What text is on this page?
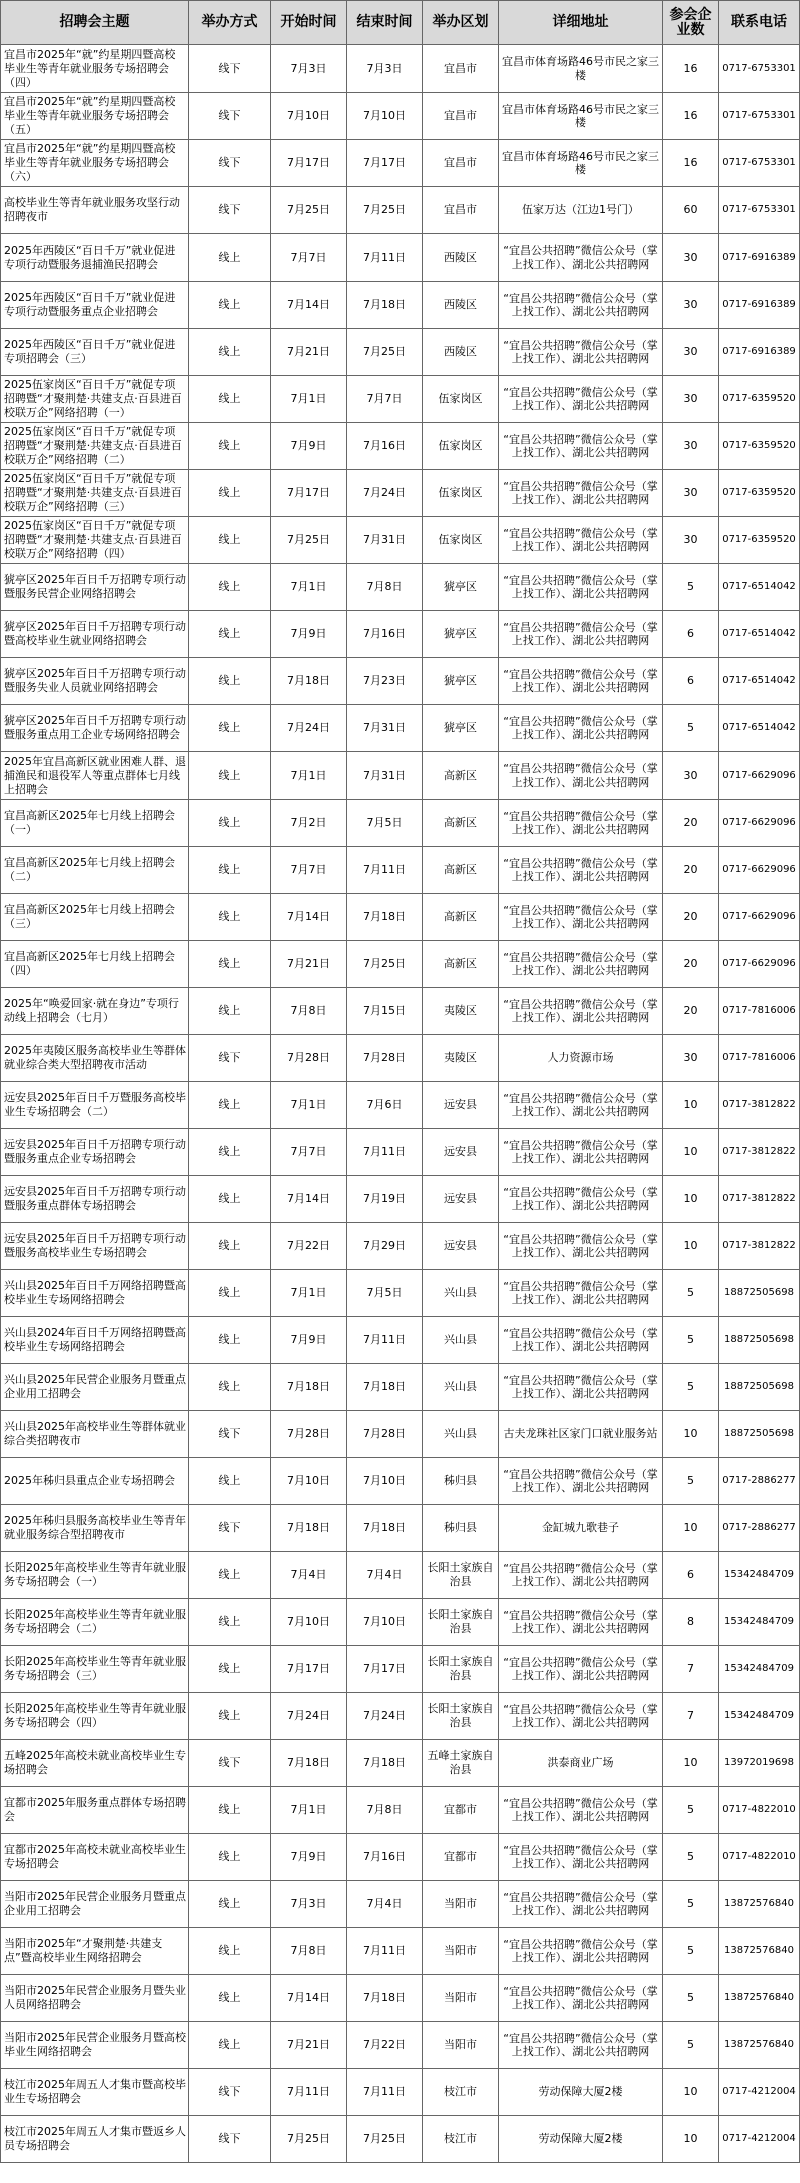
招聘会主题	举办方式	开始时间	结束时间	举办区划	详细地址	参会企业数	联系电话
宜昌市2025年“就”约星期四暨高校毕业生等青年就业服务专场招聘会（四）	线下	7月3日	7月3日	宜昌市	宜昌市体育场路46号市民之家三楼	16	0717-6753301
宜昌市2025年“就”约星期四暨高校毕业生等青年就业服务专场招聘会（五）	线下	7月10日	7月10日	宜昌市	宜昌市体育场路46号市民之家三楼	16	0717-6753301
宜昌市2025年“就”约星期四暨高校毕业生等青年就业服务专场招聘会（六）	线下	7月17日	7月17日	宜昌市	宜昌市体育场路46号市民之家三楼	16	0717-6753301
高校毕业生等青年就业服务攻坚行动招聘夜市	线下	7月25日	7月25日	宜昌市	伍家万达（江边1号门）	60	0717-6753301
2025年西陵区“百日千万”就业促进专项行动暨服务退捕渔民招聘会	线上	7月7日	7月11日	西陵区	“宜昌公共招聘”微信公众号（掌上找工作）、湖北公共招聘网	30	0717-6916389
2025年西陵区“百日千万”就业促进专项行动暨服务重点企业招聘会	线上	7月14日	7月18日	西陵区	“宜昌公共招聘”微信公众号（掌上找工作）、湖北公共招聘网	30	0717-6916389
2025年西陵区“百日千万”就业促进专项招聘会（三）	线上	7月21日	7月25日	西陵区	“宜昌公共招聘”微信公众号（掌上找工作）、湖北公共招聘网	30	0717-6916389
2025伍家岗区“百日千万”就促专项招聘暨“才聚荆楚·共建支点·百县进百校联万企”网络招聘（一）	线上	7月1日	7月7日	伍家岗区	“宜昌公共招聘”微信公众号（掌上找工作）、湖北公共招聘网	30	0717-6359520
2025伍家岗区“百日千万”就促专项招聘暨“才聚荆楚·共建支点·百县进百校联万企”网络招聘（二）	线上	7月9日	7月16日	伍家岗区	“宜昌公共招聘”微信公众号（掌上找工作）、湖北公共招聘网	30	0717-6359520
2025伍家岗区“百日千万”就促专项招聘暨“才聚荆楚·共建支点·百县进百校联万企”网络招聘（三）	线上	7月17日	7月24日	伍家岗区	“宜昌公共招聘”微信公众号（掌上找工作）、湖北公共招聘网	30	0717-6359520
2025伍家岗区“百日千万”就促专项招聘暨“才聚荆楚·共建支点·百县进百校联万企”网络招聘（四）	线上	7月25日	7月31日	伍家岗区	“宜昌公共招聘”微信公众号（掌上找工作）、湖北公共招聘网	30	0717-6359520
猇亭区2025年百日千万招聘专项行动暨服务民营企业网络招聘会	线上	7月1日	7月8日	猇亭区	“宜昌公共招聘”微信公众号（掌上找工作）、湖北公共招聘网	5	0717-6514042
猇亭区2025年百日千万招聘专项行动暨高校毕业生就业网络招聘会	线上	7月9日	7月16日	猇亭区	“宜昌公共招聘”微信公众号（掌上找工作）、湖北公共招聘网	6	0717-6514042
猇亭区2025年百日千万招聘专项行动暨服务失业人员就业网络招聘会	线上	7月18日	7月23日	猇亭区	“宜昌公共招聘”微信公众号（掌上找工作）、湖北公共招聘网	6	0717-6514042
猇亭区2025年百日千万招聘专项行动暨服务重点用工企业专场网络招聘会	线上	7月24日	7月31日	猇亭区	“宜昌公共招聘”微信公众号（掌上找工作）、湖北公共招聘网	5	0717-6514042
2025年宜昌高新区就业困难人群、退捕渔民和退役军人等重点群体七月线上招聘会	线上	7月1日	7月31日	高新区	“宜昌公共招聘”微信公众号（掌上找工作）、湖北公共招聘网	30	0717-6629096
宜昌高新区2025年七月线上招聘会（一）	线上	7月2日	7月5日	高新区	“宜昌公共招聘”微信公众号（掌上找工作）、湖北公共招聘网	20	0717-6629096
宜昌高新区2025年七月线上招聘会（二）	线上	7月7日	7月11日	高新区	“宜昌公共招聘”微信公众号（掌上找工作）、湖北公共招聘网	20	0717-6629096
宜昌高新区2025年七月线上招聘会（三）	线上	7月14日	7月18日	高新区	“宜昌公共招聘”微信公众号（掌上找工作）、湖北公共招聘网	20	0717-6629096
宜昌高新区2025年七月线上招聘会（四）	线上	7月21日	7月25日	高新区	“宜昌公共招聘”微信公众号（掌上找工作）、湖北公共招聘网	20	0717-6629096
2025年“唤爱回家·就在身边”专项行动线上招聘会（七月）	线上	7月8日	7月15日	夷陵区	“宜昌公共招聘”微信公众号（掌上找工作）、湖北公共招聘网	20	0717-7816006
2025年夷陵区服务高校毕业生等群体就业综合类大型招聘夜市活动	线下	7月28日	7月28日	夷陵区	人力资源市场	30	0717-7816006
远安县2025年百日千万暨服务高校毕业生专场招聘会（二）	线上	7月1日	7月6日	远安县	“宜昌公共招聘”微信公众号（掌上找工作）、湖北公共招聘网	10	0717-3812822
远安县2025年百日千万招聘专项行动暨服务重点企业专场招聘会	线上	7月7日	7月11日	远安县	“宜昌公共招聘”微信公众号（掌上找工作）、湖北公共招聘网	10	0717-3812822
远安县2025年百日千万招聘专项行动暨服务重点群体专场招聘会	线上	7月14日	7月19日	远安县	“宜昌公共招聘”微信公众号（掌上找工作）、湖北公共招聘网	10	0717-3812822
远安县2025年百日千万招聘专项行动暨服务高校毕业生专场招聘会	线上	7月22日	7月29日	远安县	“宜昌公共招聘”微信公众号（掌上找工作）、湖北公共招聘网	10	0717-3812822
兴山县2025年百日千万网络招聘暨高校毕业生专场网络招聘会	线上	7月1日	7月5日	兴山县	“宜昌公共招聘”微信公众号（掌上找工作）、湖北公共招聘网	5	18872505698
兴山县2024年百日千万网络招聘暨高校毕业生专场网络招聘会	线上	7月9日	7月11日	兴山县	“宜昌公共招聘”微信公众号（掌上找工作）、湖北公共招聘网	5	18872505698
兴山县2025年民营企业服务月暨重点企业用工招聘会	线上	7月18日	7月18日	兴山县	“宜昌公共招聘”微信公众号（掌上找工作）、湖北公共招聘网	5	18872505698
兴山县2025年高校毕业生等群体就业综合类招聘夜市	线下	7月28日	7月28日	兴山县	古夫龙珠社区家门口就业服务站	10	18872505698
2025年秭归县重点企业专场招聘会	线上	7月10日	7月10日	秭归县	“宜昌公共招聘”微信公众号（掌上找工作）、湖北公共招聘网	5	0717-2886277
2025年秭归县服务高校毕业生等青年就业服务综合型招聘夜市	线下	7月18日	7月18日	秭归县	金缸城九歌巷子	10	0717-2886277
长阳2025年高校毕业生等青年就业服务专场招聘会（一）	线上	7月4日	7月4日	长阳土家族自治县	“宜昌公共招聘”微信公众号（掌上找工作）、湖北公共招聘网	6	15342484709
长阳2025年高校毕业生等青年就业服务专场招聘会（二）	线上	7月10日	7月10日	长阳土家族自治县	“宜昌公共招聘”微信公众号（掌上找工作）、湖北公共招聘网	8	15342484709
长阳2025年高校毕业生等青年就业服务专场招聘会（三）	线上	7月17日	7月17日	长阳土家族自治县	“宜昌公共招聘”微信公众号（掌上找工作）、湖北公共招聘网	7	15342484709
长阳2025年高校毕业生等青年就业服务专场招聘会（四）	线上	7月24日	7月24日	长阳土家族自治县	“宜昌公共招聘”微信公众号（掌上找工作）、湖北公共招聘网	7	15342484709
五峰2025年高校未就业高校毕业生专场招聘会	线下	7月18日	7月18日	五峰土家族自治县	洪泰商业广场	10	13972019698
宜都市2025年服务重点群体专场招聘会	线上	7月1日	7月8日	宜都市	“宜昌公共招聘”微信公众号（掌上找工作）、湖北公共招聘网	5	0717-4822010
宜都市2025年高校未就业高校毕业生专场招聘会	线上	7月9日	7月16日	宜都市	“宜昌公共招聘”微信公众号（掌上找工作）、湖北公共招聘网	5	0717-4822010
当阳市2025年民营企业服务月暨重点企业用工招聘会	线上	7月3日	7月4日	当阳市	“宜昌公共招聘”微信公众号（掌上找工作）、湖北公共招聘网	5	13872576840
当阳市2025年“才聚荆楚·共建支点”暨高校毕业生网络招聘会	线上	7月8日	7月11日	当阳市	“宜昌公共招聘”微信公众号（掌上找工作）、湖北公共招聘网	5	13872576840
当阳市2025年民营企业服务月暨失业人员网络招聘会	线上	7月14日	7月18日	当阳市	“宜昌公共招聘”微信公众号（掌上找工作）、湖北公共招聘网	5	13872576840
当阳市2025年民营企业服务月暨高校毕业生网络招聘会	线上	7月21日	7月22日	当阳市	“宜昌公共招聘”微信公众号（掌上找工作）、湖北公共招聘网	5	13872576840
枝江市2025年周五人才集市暨高校毕业生专场招聘会	线下	7月11日	7月11日	枝江市	劳动保障大厦2楼	10	0717-4212004
枝江市2025年周五人才集市暨返乡人员专场招聘会	线下	7月25日	7月25日	枝江市	劳动保障大厦2楼	10	0717-4212004
